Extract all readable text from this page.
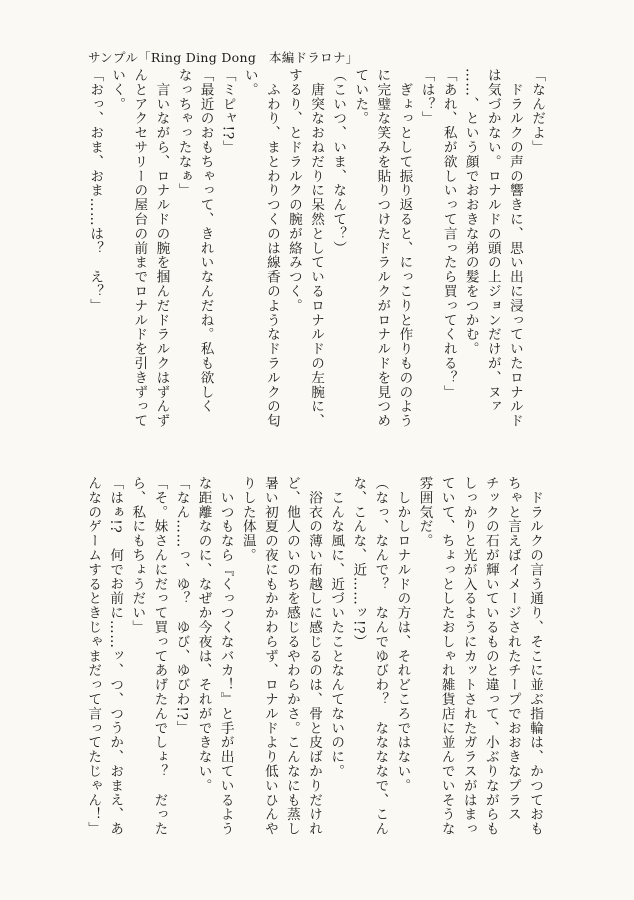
サンプル「Ring Ding Dong　本編ドラロナ」

「なんだよ」

　ドラルクの声の響きに、思い出に浸っていたロナルド

は気づかない。ロナルドの頭の上ジョンだけが、ヌァ

……、という顔でおおきな弟の髪をつかむ。

「あれ、私が欲しいって言ったら買ってくれる？」

「は？」

　ぎょっとして振り返ると、にっこりと作りもののよう

に完璧な笑みを貼りつけたドラルクがロナルドを見つめ

ていた。

（こいつ、いま、なんて？）

　唐突なおねだりに呆然としているロナルドの左腕に、

するり、とドラルクの腕が絡みつく。

　ふわり、まとわりつくのは線香のようなドラルクの匂

い。

「ミピャ!?」

「最近のおもちゃって、きれいなんだね。私も欲しく

なっちゃったなぁ」

　言いながら、ロナルドの腕を掴んだドラルクはずんず

んとアクセサリーの屋台の前までロナルドを引きずって

いく。

「おっ、おま、おま……は？　え？」

　ドラルクの言う通り、そこに並ぶ指輪は、かつておも

ちゃと言えばイメージされたチープでおおきなプラス

チックの石が輝いているものと違って、小ぶりながらも

しっかりと光が入るようにカットされたガラスがはまっ

ていて、ちょっとしたおしゃれ雑貨店に並んでいそうな

雰囲気だ。

　しかしロナルドの方は、それどころではない。

（なっ、なんで？　なんでゆびわ？　ななななで、こん

な、こんな、近……ッ!?）

　こんな風に、近づいたことなんてないのに。

　浴衣の薄い布越しに感じるのは、骨と皮ばかりだけれ

ど、他人のいのちを感じるやわらかさ。こんなにも蒸し

暑い初夏の夜にもかかわらず、ロナルドより低いひんや

りした体温。

　いつもなら『くっつくなバカ！』と手が出ているよう

な距離なのに、なぜか今夜は、それができない。

「なん……っ、ゆ？　ゆび、ゆびわ!?」

「そ。妹さんにだって買ってあげたんでしょ？　だった

ら、私にもちょうだい」

「はぁ!?　何でお前に……ッ、つ、つうか、おまえ、あ

んなのゲームするときじゃまだって言ってたじゃん！」
